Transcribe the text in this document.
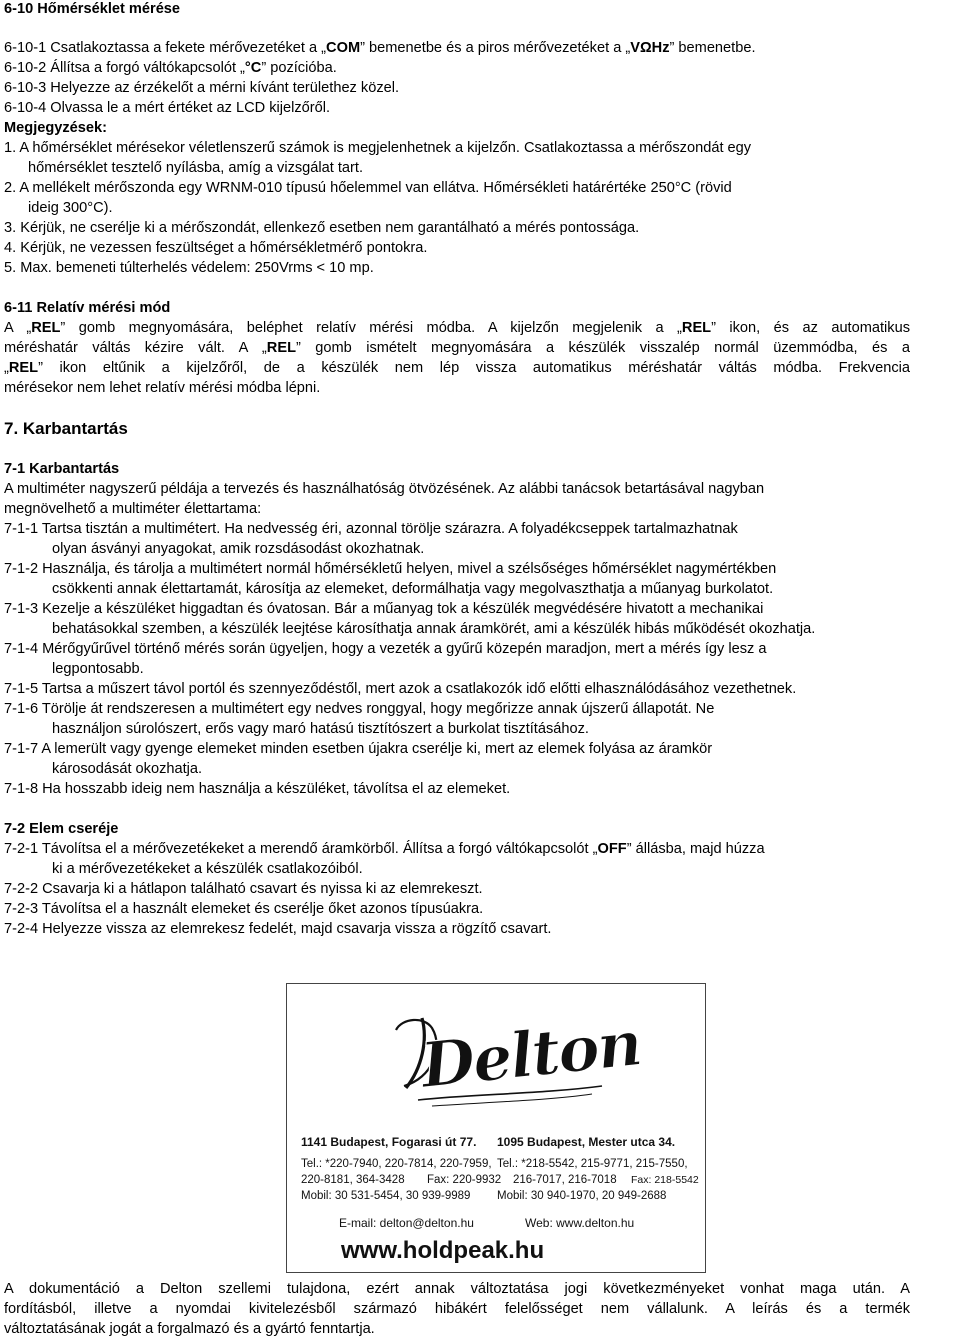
6-10 Hőmérséklet mérése
6-10-1 Csatlakoztassa a fekete mérővezetéket a „COM” bemenetbe és a piros mérővezetéket a „VΩHz” bemenetbe.
6-10-2 Állítsa a forgó váltókapcsolót „°C” pozícióba.
6-10-3 Helyezze az érzékelőt a mérni kívánt területhez közel.
6-10-4 Olvassa le a mért értéket az LCD kijelzőről.
Megjegyzések:
1. A hőmérséklet mérésekor véletlenszerű számok is megjelenhetnek a kijelzőn. Csatlakoztassa a mérőszondát egy
hőmérséklet tesztelő nyílásba, amíg a vizsgálat tart.
2. A mellékelt mérőszonda egy WRNM-010 típusú hőelemmel van ellátva. Hőmérsékleti határértéke 250°C (rövid
ideig 300°C).
3. Kérjük, ne cserélje ki a mérőszondát, ellenkező esetben nem garantálható a mérés pontossága.
4. Kérjük, ne vezessen feszültséget a hőmérsékletmérő pontokra.
5. Max. bemeneti túlterhelés védelem: 250Vrms < 10 mp.
6-11 Relatív mérési mód
A „REL” gomb megnyomására, beléphet relatív mérési módba. A kijelzőn megjelenik a „REL” ikon, és az automatikus
méréshatár váltás kézire vált. A „REL” gomb ismételt megnyomására a készülék visszalép normál üzemmódba, és a
„REL” ikon eltűnik a kijelzőről, de a készülék nem lép vissza automatikus méréshatár váltás módba. Frekvencia
mérésekor nem lehet relatív mérési módba lépni.
7. Karbantartás
7-1 Karbantartás
A multiméter nagyszerű példája a tervezés és használhatóság ötvözésének. Az alábbi tanácsok betartásával nagyban
megnövelhető a multiméter élettartama:
7-1-1 Tartsa tisztán a multimétert. Ha nedvesség éri, azonnal törölje szárazra. A folyadékcseppek tartalmazhatnak
olyan ásványi anyagokat, amik rozsdásodást okozhatnak.
7-1-2 Használja, és tárolja a multimétert normál hőmérsékletű helyen, mivel a szélsőséges hőmérséklet nagymértékben
csökkenti annak élettartamát, károsítja az elemeket, deformálhatja vagy megolvaszthatja a műanyag burkolatot.
7-1-3 Kezelje a készüléket higgadtan és óvatosan. Bár a műanyag tok a készülék megvédésére hivatott a mechanikai
behatásokkal szemben, a készülék leejtése károsíthatja annak áramkörét, ami a készülék hibás működését okozhatja.
7-1-4 Mérőgyűrűvel történő mérés során ügyeljen, hogy a vezeték a gyűrű közepén maradjon, mert a mérés így lesz a
legpontosabb.
7-1-5 Tartsa a műszert távol portól és szennyeződéstől, mert azok a csatlakozók idő előtti elhasználódásához vezethetnek.
7-1-6 Törölje át rendszeresen a multimétert egy nedves ronggyal, hogy megőrizze annak újszerű állapotát. Ne
használjon súrolószert, erős vagy maró hatású tisztítószert a burkolat tisztításához.
7-1-7 A lemerült vagy gyenge elemeket minden esetben újakra cserélje ki, mert az elemek folyása az áramkör
károsodását okozhatja.
7-1-8 Ha hosszabb ideig nem használja a készüléket, távolítsa el az elemeket.
7-2 Elem cseréje
7-2-1 Távolítsa el a mérővezetékeket a merendő áramkörből. Állítsa a forgó váltókapcsolót „OFF” állásba, majd húzza
ki a mérővezetékeket a készülék csatlakozóiból.
7-2-2 Csavarja ki a hátlapon található csavart és nyissa ki az elemrekeszt.
7-2-3 Távolítsa el a használt elemeket és cserélje őket azonos típusúakra.
7-2-4 Helyezze vissza az elemrekesz fedelét, majd csavarja vissza a rögzítő csavart.
Delton
1141 Budapest, Fogarasi út 77. 1095 Budapest, Mester utca 34.
Tel.: *220-7940, 220-7814, 220-7959,
220-8181, 364-3428 Fax: 220-9932
Mobil: 30 531-5454, 30 939-9989
Tel.: *218-5542, 215-9771, 215-7550,
216-7017, 216-7018 Fax: 218-5542
Mobil: 30 940-1970, 20 949-2688
E-mail: delton@delton.hu	Web: www.delton.hu
www.holdpeak.hu
A dokumentáció a Delton szellemi tulajdona, ezért annak változtatása jogi következményeket vonhat maga után. A
fordításból, illetve a nyomdai kivitelezésből származó hibákért felelősséget nem vállalunk. A leírás és a termék
változtatásának jogát a forgalmazó és a gyártó fenntartja.
